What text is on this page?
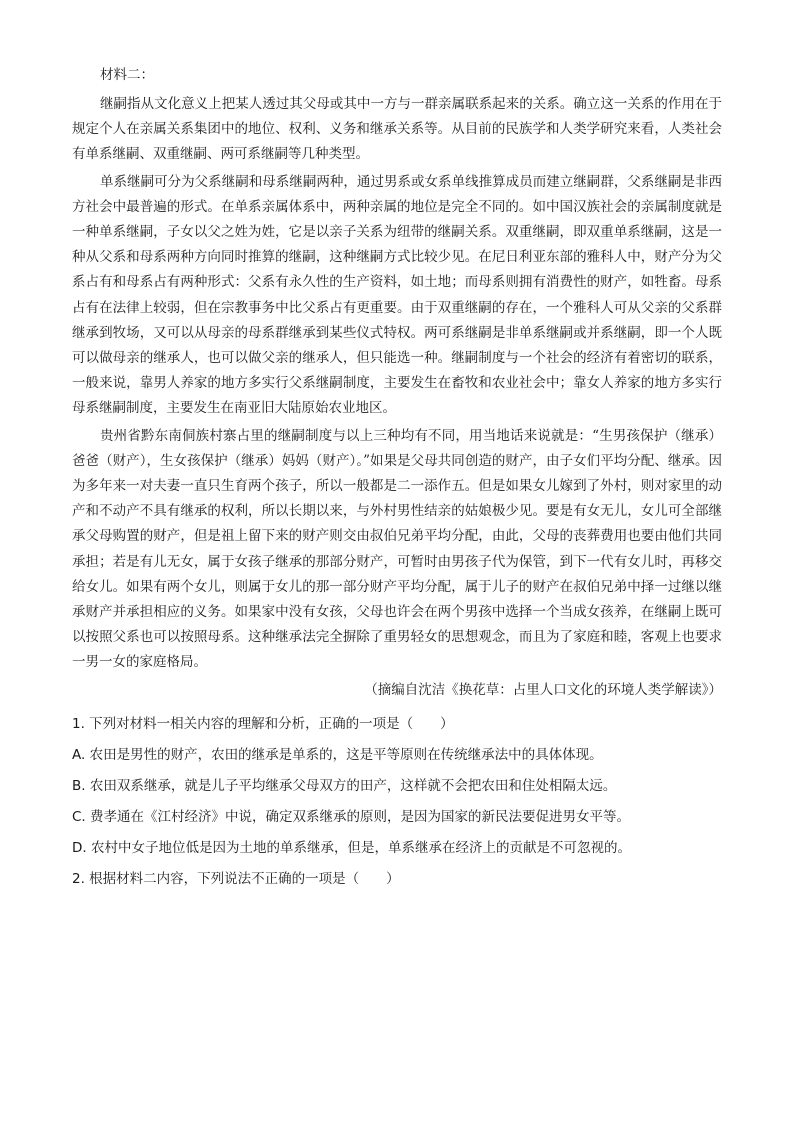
材料二：

继嗣指从文化意义上把某人透过其父母或其中一方与一群亲属联系起来的关系。确立这一关系的作用在于规定个人在亲属关系集团中的地位、权利、义务和继承关系等。从目前的民族学和人类学研究来看，人类社会有单系继嗣、双重继嗣、两可系继嗣等几种类型。

单系继嗣可分为父系继嗣和母系继嗣两种，通过男系或女系单线推算成员而建立继嗣群，父系继嗣是非西方社会中最普遍的形式。在单系亲属体系中，两种亲属的地位是完全不同的。如中国汉族社会的亲属制度就是一种单系继嗣，子女以父之姓为姓，它是以亲子关系为纽带的继嗣关系。双重继嗣，即双重单系继嗣，这是一种从父系和母系两种方向同时推算的继嗣，这种继嗣方式比较少见。在尼日利亚东部的雅科人中，财产分为父系占有和母系占有两种形式：父系有永久性的生产资料，如土地；而母系则拥有消费性的财产，如牲畜。母系占有在法律上较弱，但在宗教事务中比父系占有更重要。由于双重继嗣的存在，一个雅科人可从父亲的父系群继承到牧场，又可以从母亲的母系群继承到某些仪式特权。两可系继嗣是非单系继嗣或并系继嗣，即一个人既可以做母亲的继承人，也可以做父亲的继承人，但只能选一种。继嗣制度与一个社会的经济有着密切的联系，一般来说，靠男人养家的地方多实行父系继嗣制度，主要发生在畜牧和农业社会中；靠女人养家的地方多实行母系继嗣制度，主要发生在南亚旧大陆原始农业地区。

贵州省黔东南侗族村寨占里的继嗣制度与以上三种均有不同，用当地话来说就是：“生男孩保护（继承）爸爸（财产），生女孩保护（继承）妈妈（财产）。”如果是父母共同创造的财产，由子女们平均分配、继承。因为多年来一对夫妻一直只生育两个孩子，所以一般都是二一添作五。但是如果女儿嫁到了外村，则对家里的动产和不动产不具有继承的权利，所以长期以来，与外村男性结亲的姑娘极少见。要是有女无儿，女儿可全部继承父母购置的财产，但是祖上留下来的财产则交由叔伯兄弟平均分配，由此，父母的丧葬费用也要由他们共同承担；若是有儿无女，属于女孩子继承的那部分财产，可暂时由男孩子代为保管，到下一代有女儿时，再移交给女儿。如果有两个女儿，则属于女儿的那一部分财产平均分配，属于儿子的财产在叔伯兄弟中择一过继以继承财产并承担相应的义务。如果家中没有女孩，父母也许会在两个男孩中选择一个当成女孩养，在继嗣上既可以按照父系也可以按照母系。这种继承法完全摒除了重男轻女的思想观念，而且为了家庭和睦，客观上也要求一男一女的家庭格局。

（摘编自沈洁《换花草：占里人口文化的环境人类学解读》）

1. 下列对材料一相关内容的理解和分析，正确的一项是（　　）

A. 农田是男性的财产，农田的继承是单系的，这是平等原则在传统继承法中的具体体现。

B. 农田双系继承，就是儿子平均继承父母双方的田产，这样就不会把农田和住处相隔太远。

C. 费孝通在《江村经济》中说，确定双系继承的原则，是因为国家的新民法要促进男女平等。

D. 农村中女子地位低是因为土地的单系继承，但是，单系继承在经济上的贡献是不可忽视的。

2. 根据材料二内容，下列说法不正确的一项是（　　）
